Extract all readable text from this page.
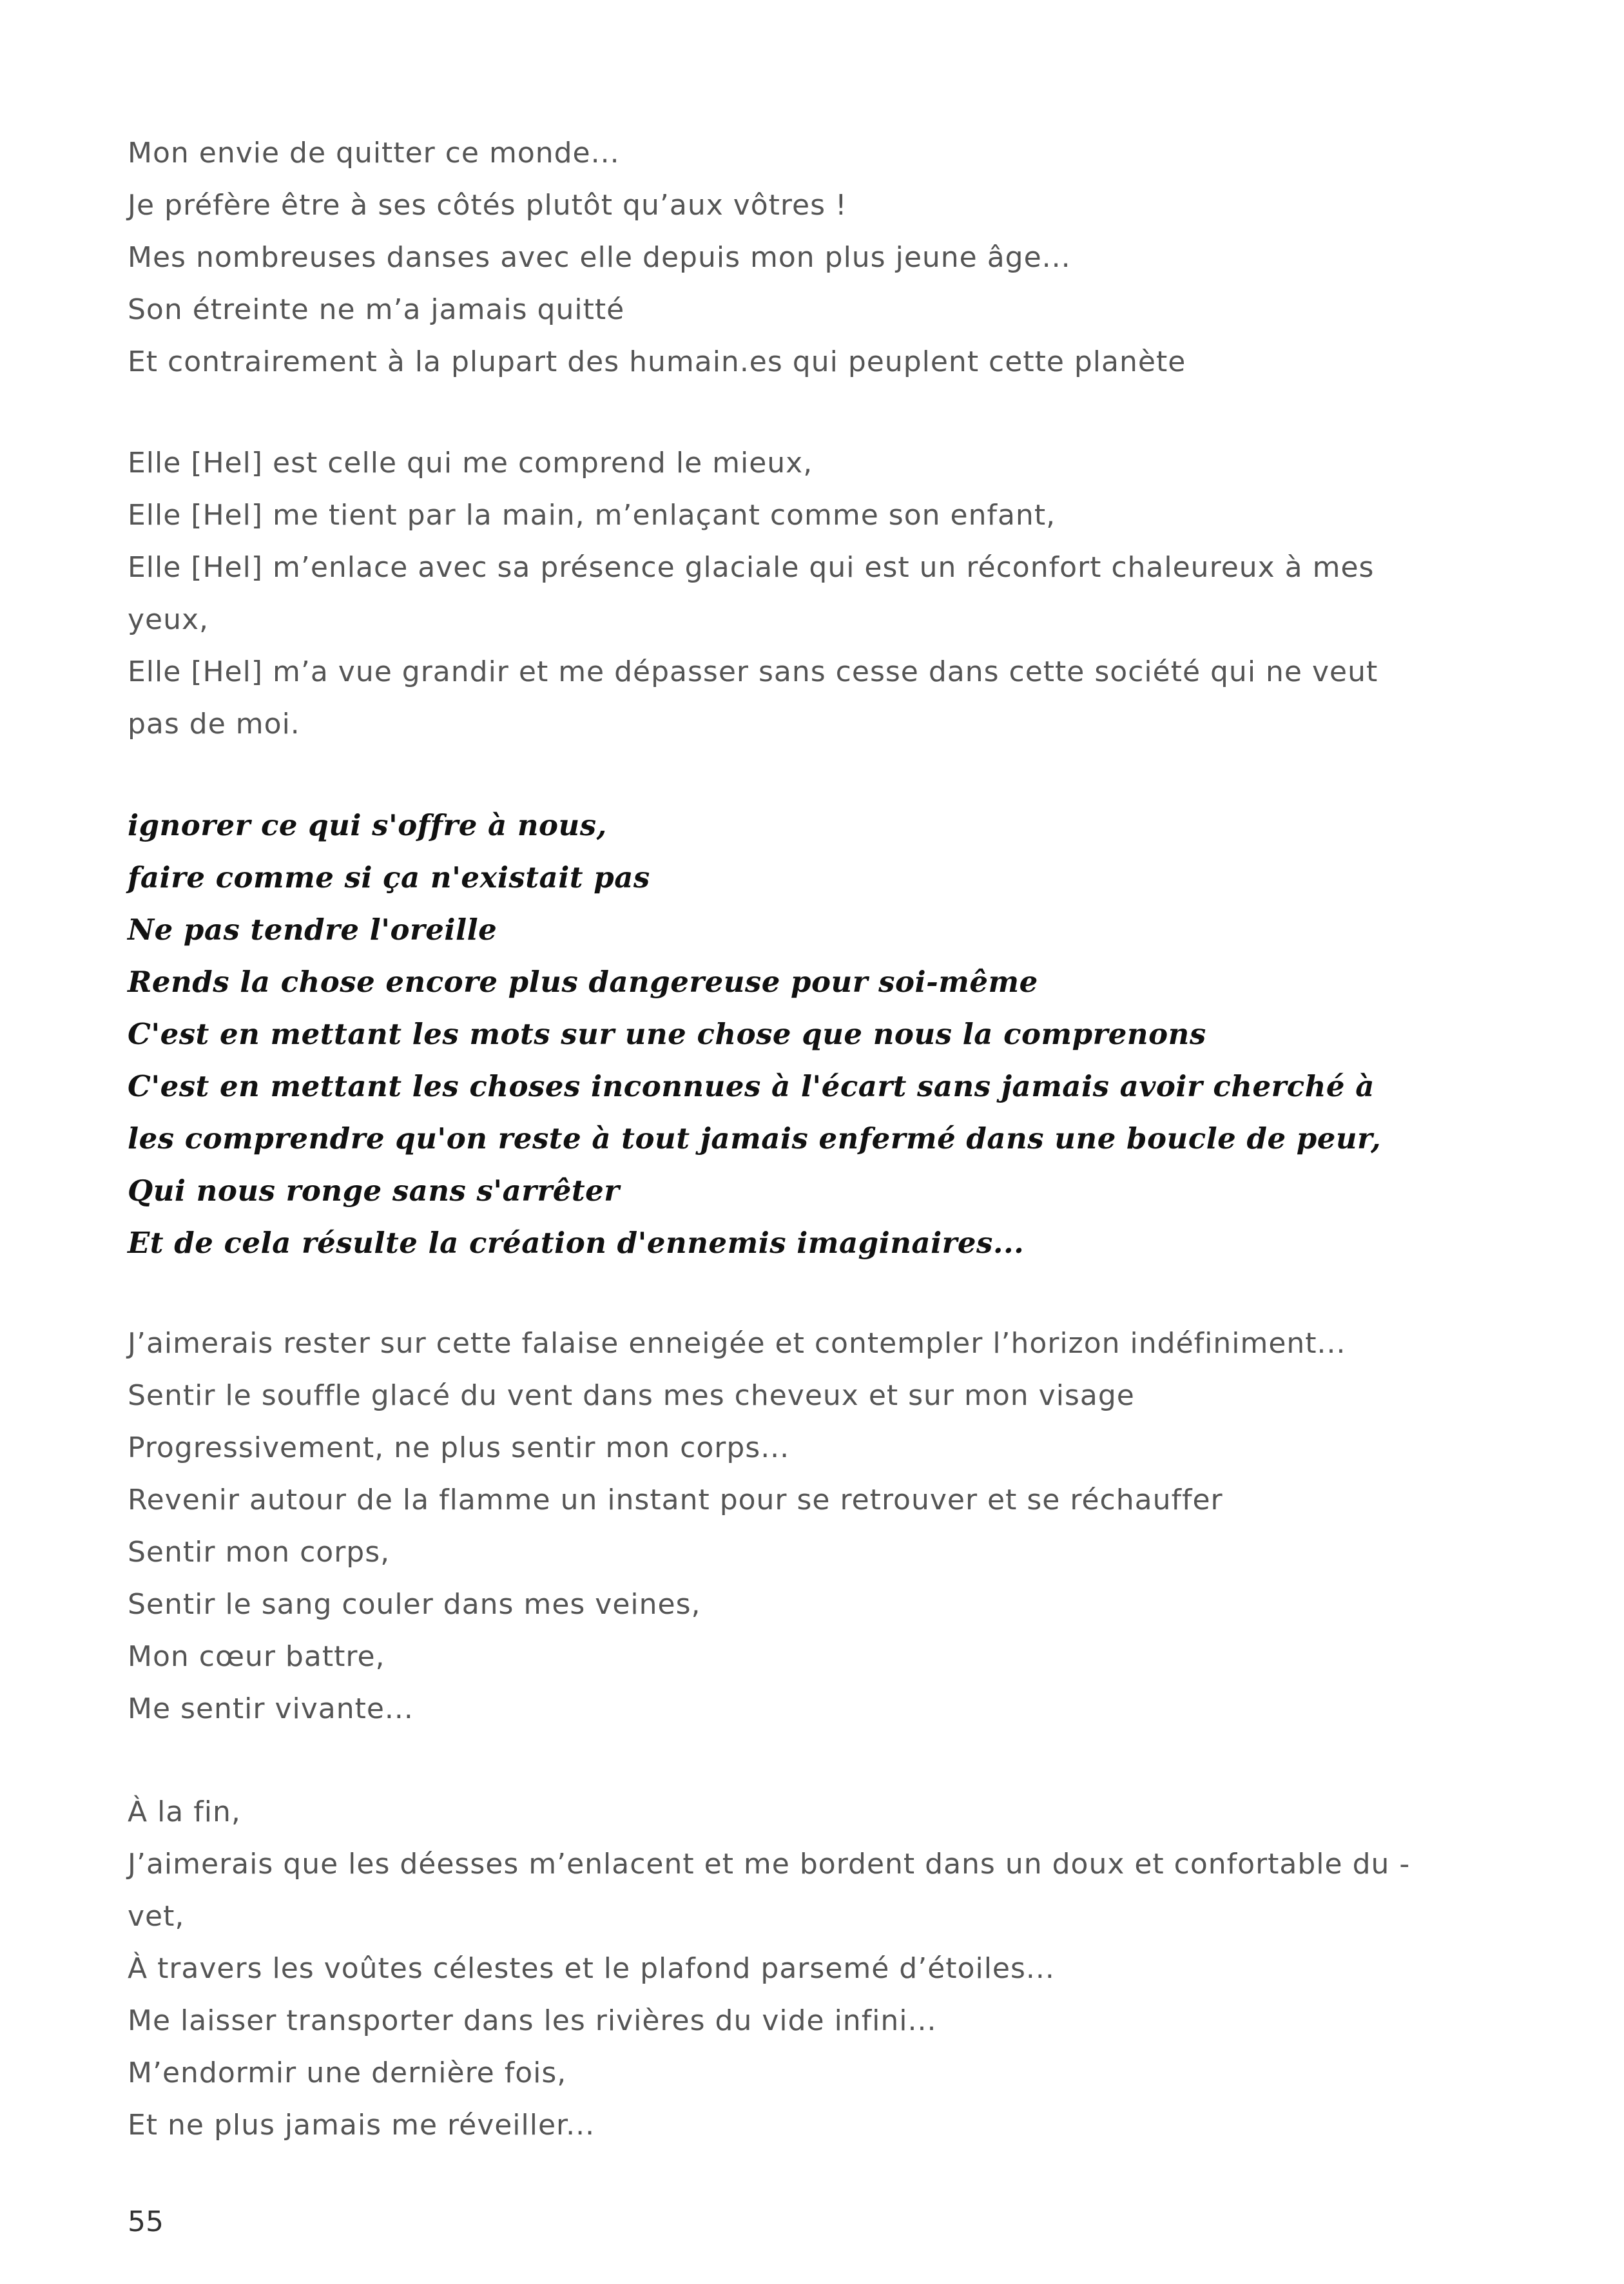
Mon envie de quitter ce monde...
Je préfère être à ses côtés plutôt qu’aux vôtres !
Mes nombreuses danses avec elle depuis mon plus jeune âge...
Son étreinte ne m’a jamais quitté
Et contrairement à la plupart des humain.es qui peuplent cette planète
Elle [Hel] est celle qui me comprend le mieux,
Elle [Hel] me tient par la main, m’enlaçant comme son enfant,
Elle [Hel] m’enlace avec sa présence glaciale qui est un réconfort chaleureux à mes
yeux,
Elle [Hel] m’a vue grandir et me dépasser sans cesse dans cette société qui ne veut
pas de moi.
ignorer ce qui s'offre à nous,
faire comme si ça n'existait pas
Ne pas tendre l'oreille
Rends la chose encore plus dangereuse pour soi-même
C'est en mettant les mots sur une chose que nous la comprenons
C'est en mettant les choses inconnues à l'écart sans jamais avoir cherché à
les comprendre qu'on reste à tout jamais enfermé dans une boucle de peur,
Qui nous ronge sans s'arrêter
Et de cela résulte la création d'ennemis imaginaires...
J’aimerais rester sur cette falaise enneigée et contempler l’horizon indéfiniment...
Sentir le souffle glacé du vent dans mes cheveux et sur mon visage
Progressivement, ne plus sentir mon corps...
Revenir autour de la flamme un instant pour se retrouver et se réchauffer
Sentir mon corps,
Sentir le sang couler dans mes veines,
Mon cœur battre,
Me sentir vivante...
À la fin,
J’aimerais que les déesses m’enlacent et me bordent dans un doux et confortable du -
vet,
À travers les voûtes célestes et le plafond parsemé d’étoiles...
Me laisser transporter dans les rivières du vide infini...
M’endormir une dernière fois,
Et ne plus jamais me réveiller...
55
